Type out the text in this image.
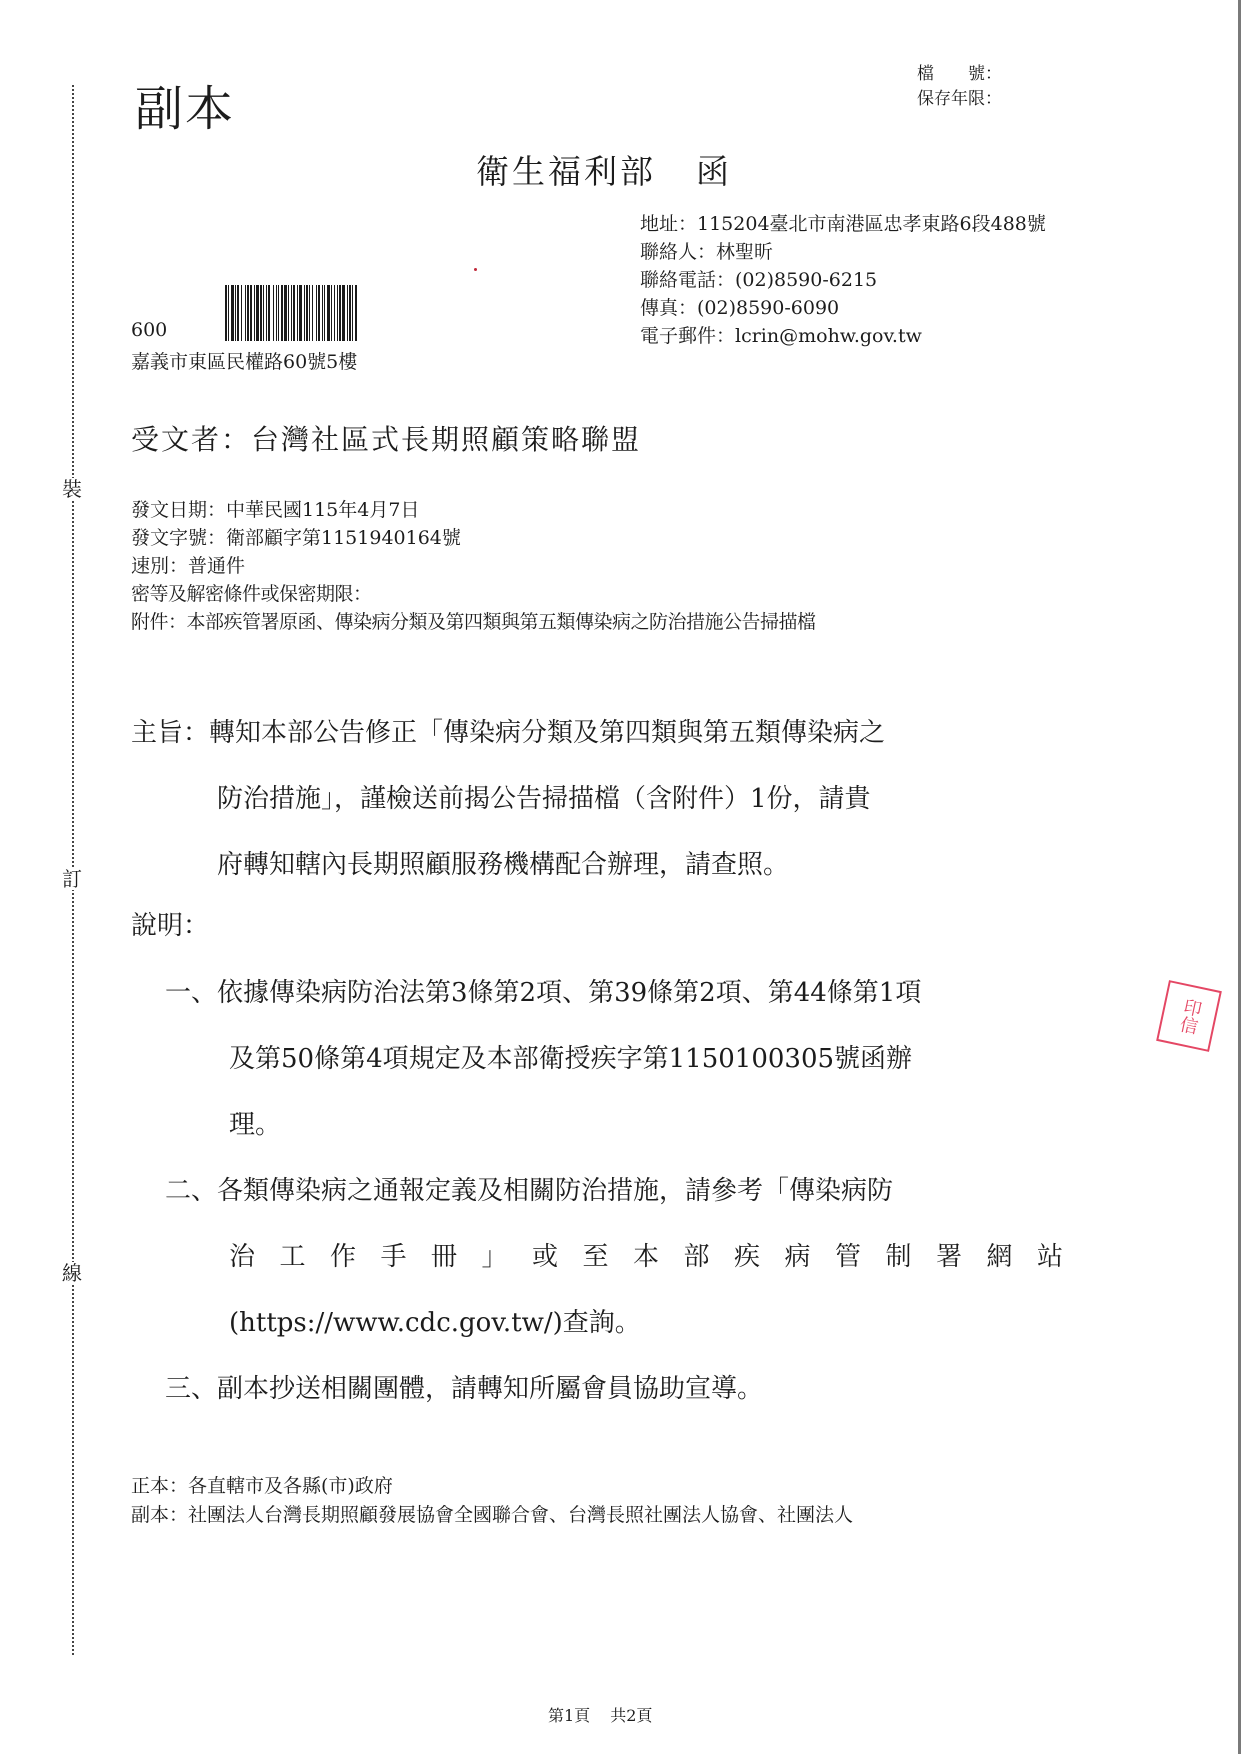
裝
訂
線
副本
檔　　號：
保存年限：
衛生福利部 函
地址：115204臺北市南港區忠孝東路6段488號
聯絡人：林聖昕
聯絡電話：(02)8590-6215
傳真：(02)8590-6090
電子郵件：lcrin@mohw.gov.tw
600
嘉義市東區民權路60號5樓
受文者：台灣社區式長期照顧策略聯盟
發文日期：中華民國115年4月7日
發文字號：衛部顧字第1151940164號
速別：普通件
密等及解密條件或保密期限：
附件：本部疾管署原函、傳染病分類及第四類與第五類傳染病之防治措施公告掃描檔
主旨：轉知本部公告修正「傳染病分類及第四類與第五類傳染病之
防治措施」，謹檢送前揭公告掃描檔（含附件）1份，請貴
府轉知轄內長期照顧服務機構配合辦理，請查照。
說明：
一、依據傳染病防治法第3條第2項、第39條第2項、第44條第1項
及第50條第4項規定及本部衛授疾字第1150100305號函辦
理。
二、各類傳染病之通報定義及相關防治措施，請參考「傳染病防
治工作手冊」或至本部疾病管制署網站
(https://www.cdc.gov.tw/)查詢。
三、副本抄送相關團體，請轉知所屬會員協助宣導。
印信
正本：各直轄市及各縣(市)政府
副本：社團法人台灣長期照顧發展協會全國聯合會、台灣長照社團法人協會、社團法人
第1頁 共2頁
